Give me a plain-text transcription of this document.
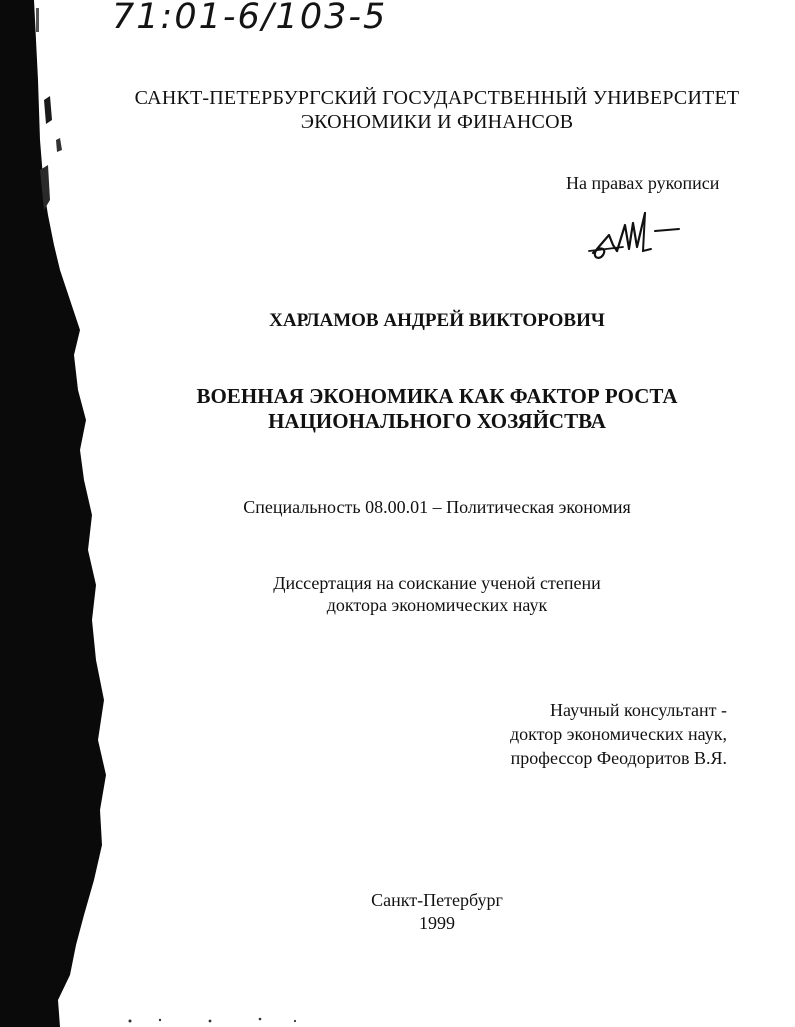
71:01-6/103-5
САНКТ-ПЕТЕРБУРГСКИЙ ГОСУДАРСТВЕННЫЙ УНИВЕРСИТЕТ
ЭКОНОМИКИ И ФИНАНСОВ
На правах рукописи
ХАРЛАМОВ АНДРЕЙ ВИКТОРОВИЧ
ВОЕННАЯ ЭКОНОМИКА КАК ФАКТОР РОСТА
НАЦИОНАЛЬНОГО ХОЗЯЙСТВА
Специальность 08.00.01 – Политическая экономия
Диссертация на соискание ученой степени
доктора экономических наук
Научный консультант -
доктор экономических наук,
профессор Феодоритов В.Я.
Санкт-Петербург
1999
